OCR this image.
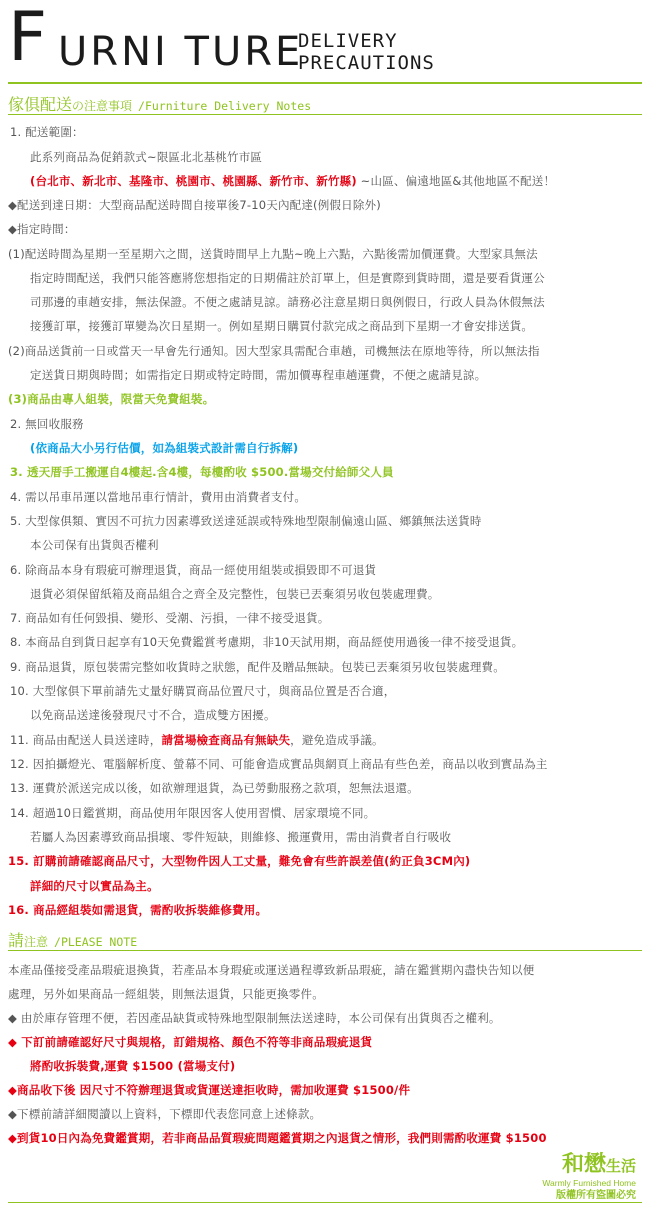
F URNI TURE
DELIVERY
PRECAUTIONS
傢俱配送の注意事項 /Furniture Delivery Notes
1. 配送範圍：
此系列商品為促銷款式~限區北北基桃竹市區
(台北市、新北市、基隆市、桃園市、桃園縣、新竹市、新竹縣) ~山區、偏遠地區&其他地區不配送！
◆配送到達日期：大型商品配送時間自接單後7-10天內配達(例假日除外)
◆指定時間：
(1)配送時間為星期一至星期六之間，送貨時間早上九點~晚上六點，六點後需加價運費。大型家具無法
指定時間配送，我們只能答應將您想指定的日期備註於訂單上，但是實際到貨時間，還是要看貨運公
司那邊的車趟安排，無法保證。不便之處請見諒。請務必注意星期日與例假日，行政人員為休假無法
接獲訂單，接獲訂單變為次日星期一。例如星期日購買付款完成之商品到下星期一才會安排送貨。
(2)商品送貨前一日或當天一早會先行通知。因大型家具需配合車趟，司機無法在原地等待，所以無法指
定送貨日期與時間；如需指定日期或特定時間，需加價專程車趟運費，不便之處請見諒。
(3)商品由專人組裝，限當天免費組裝。
2. 無回收服務
(依商品大小另行估價，如為組裝式設計需自行拆解)
3. 透天厝手工搬運自4樓起.含4樓，每樓酌收 $500.當場交付給師父人員
4. 需以吊車吊運以當地吊車行情計，費用由消費者支付。
5. 大型傢俱類、實因不可抗力因素導致送達延誤或特殊地型限制偏遠山區、鄉鎮無法送貨時
本公司保有出貨與否權利
6. 除商品本身有瑕疵可辦理退貨，商品一經使用組裝或損毀即不可退貨
退貨必須保留紙箱及商品組合之齊全及完整性，包裝已丟棄須另收包裝處理費。
7. 商品如有任何毀損、變形、受潮、污損，一律不接受退貨。
8. 本商品自到貨日起享有10天免費鑑賞考慮期，非10天試用期，商品經使用過後一律不接受退貨。
9. 商品退貨，原包裝需完整如收貨時之狀態，配件及贈品無缺。包裝已丟棄須另收包裝處理費。
10. 大型傢俱下單前請先丈量好購買商品位置尺寸，與商品位置是否合適，
以免商品送達後發現尺寸不合，造成雙方困擾。
11. 商品由配送人員送達時，請當場檢查商品有無缺失，避免造成爭議。
12. 因拍攝燈光、電腦解析度、螢幕不同、可能會造成實品與網頁上商品有些色差，商品以收到實品為主
13. 運費於派送完成以後，如欲辦理退貨，為已勞動服務之款項，恕無法退還。
14. 超過10日鑑賞期，商品使用年限因客人使用習慣、居家環境不同。
若屬人為因素導致商品損壞、零件短缺，則維修、搬運費用，需由消費者自行吸收
15. 訂購前請確認商品尺寸，大型物件因人工丈量，難免會有些許誤差值(約正負3CM內)
詳細的尺寸以實品為主。
16. 商品經組裝如需退貨，需酌收拆裝維修費用。
請注意 /PLEASE NOTE
本產品僅接受產品瑕疵退換貨，若產品本身瑕疵或運送過程導致新品瑕疵，請在鑑賞期內盡快告知以便
處理，另外如果商品一經組裝，則無法退貨，只能更換零件。
◆ 由於庫存管理不便，若因產品缺貨或特殊地型限制無法送達時，本公司保有出貨與否之權利。
◆ 下訂前請確認好尺寸與規格，訂錯規格、顏色不符等非商品瑕疵退貨
將酌收拆裝費,運費 $1500 (當場支付)
◆商品收下後 因尺寸不符辦理退貨或貨運送達拒收時，需加收運費 $1500/件
◆下標前請詳細閱讀以上資料，下標即代表您同意上述條款。
◆到貨10日內為免費鑑賞期，若非商品品質瑕疵問題鑑賞期之內退貨之情形，我們則需酌收運費 $1500
和懋生活
Warmly Furnished Home
版權所有盜圖必究
